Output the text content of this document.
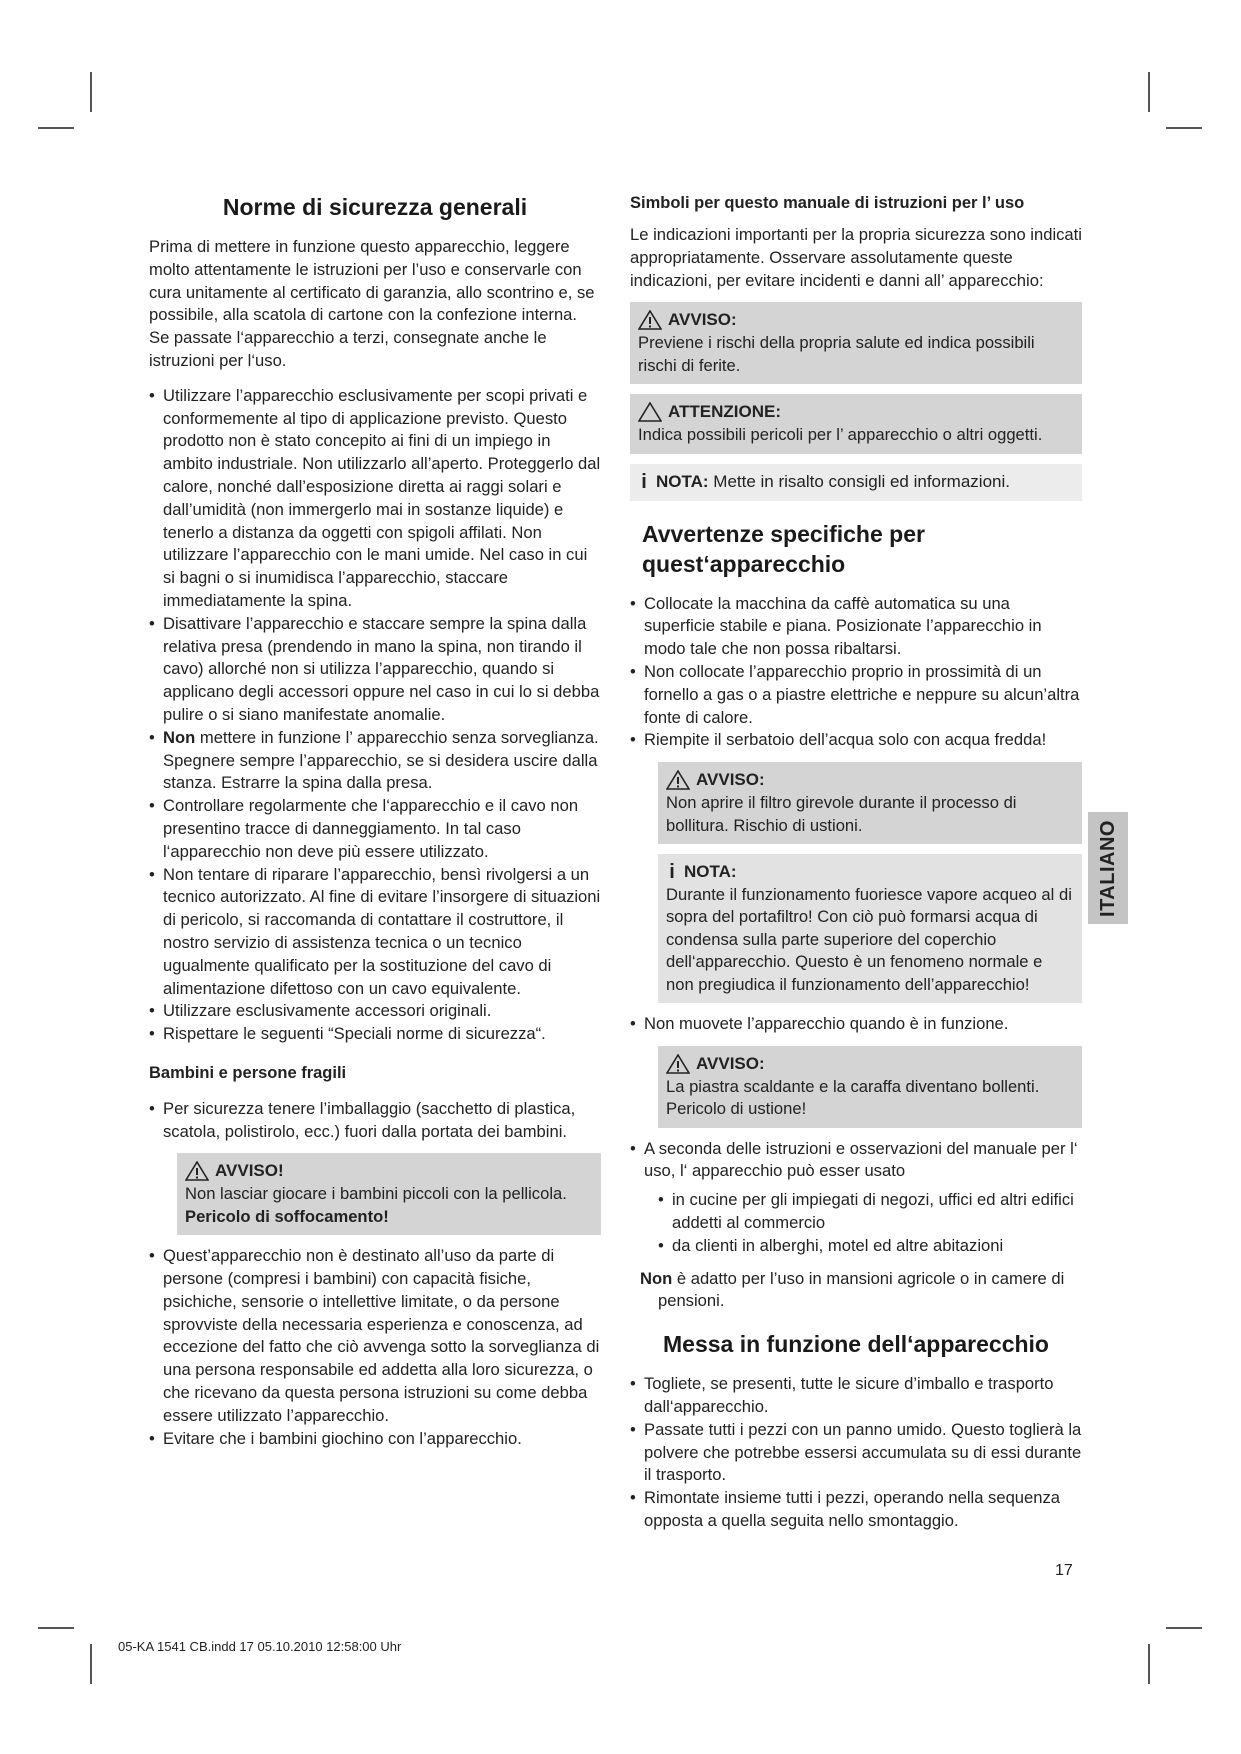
Norme di sicurezza generali

Prima di mettere in funzione questo apparecchio, leggere molto attentamente le istruzioni per l’uso e conservarle con cura unitamente al certificato di garanzia, allo scontrino e, se possibile, alla scatola di cartone con la confezione interna. Se passate l‘apparecchio a terzi, consegnate anche le istruzioni per l‘uso.

• Utilizzare l’apparecchio esclusivamente per scopi privati e conformemente al tipo di applicazione previsto. Questo prodotto non è stato concepito ai fini di un impiego in ambito industriale. Non utilizzarlo all’aperto. Proteggerlo dal calore, nonché dall’esposizione diretta ai raggi solari e dall’umidità (non immergerlo mai in sostanze liquide) e tenerlo a distanza da oggetti con spigoli affilati. Non utilizzare l’apparecchio con le mani umide. Nel caso in cui si bagni o si inumidisca l’apparecchio, staccare immediatamente la spina.
• Disattivare l’apparecchio e staccare sempre la spina dalla relativa presa (prendendo in mano la spina, non tirando il cavo) allorché non si utilizza l’apparecchio, quando si applicano degli accessori oppure nel caso in cui lo si debba pulire o si siano manifestate anomalie.
• Non mettere in funzione l’ apparecchio senza sorveglianza. Spegnere sempre l’apparecchio, se si desidera uscire dalla stanza. Estrarre la spina dalla presa.
• Controllare regolarmente che l‘apparecchio e il cavo non presentino tracce di danneggiamento. In tal caso l‘apparecchio non deve più essere utilizzato.
• Non tentare di riparare l’apparecchio, bensì rivolgersi a un tecnico autorizzato. Al fine di evitare l’insorgere di situazioni di pericolo, si raccomanda di contattare il costruttore, il nostro servizio di assistenza tecnica o un tecnico ugualmente qualificato per la sostituzione del cavo di alimentazione difettoso con un cavo equivalente.
• Utilizzare esclusivamente accessori originali.
• Rispettare le seguenti “Speciali norme di sicurezza“.
Bambini e persone fragili
• Per sicurezza tenere l’imballaggio (sacchetto di plastica, scatola, polistirolo, ecc.) fuori dalla portata dei bambini.
AVVISO!
Non lasciar giocare i bambini piccoli con la pellicola.
Pericolo di soffocamento!
• Quest’apparecchio non è destinato all’uso da parte di persone (compresi i bambini) con capacità fisiche, psichiche, sensorie o intellettive limitate, o da persone sprovviste della necessaria esperienza e conoscenza, ad eccezione del fatto che ciò avvenga sotto la sorveglianza di una persona responsabile ed addetta alla loro sicurezza, o che ricevano da questa persona istruzioni su come debba essere utilizzato l’apparecchio.
• Evitare che i bambini giochino con l’apparecchio.
Simboli per questo manuale di istruzioni per l’ uso

Le indicazioni importanti per la propria sicurezza sono indicati appropriatamente. Osservare assolutamente queste indicazioni, per evitare incidenti e danni all’ apparecchio:

AVVISO:
Previene i rischi della propria salute ed indica possibili rischi di ferite.
ATTENZIONE:
Indica possibili pericoli per l’ apparecchio o altri oggetti.
i NOTA: Mette in risalto consigli ed informazioni.
Avvertenze specifiche per quest‘apparecchio
• Collocate la macchina da caffè automatica su una superficie stabile e piana. Posizionate l’apparecchio in modo tale che non possa ribaltarsi.
• Non collocate l’apparecchio proprio in prossimità di un fornello a gas o a piastre elettriche e neppure su alcun’altra fonte di calore.
• Riempite il serbatoio dell’acqua solo con acqua fredda!
AVVISO:
Non aprire il filtro girevole durante il processo di bollitura. Rischio di ustioni.
i NOTA:
Durante il funzionamento fuoriesce vapore acqueo al di sopra del portafiltro! Con ciò può formarsi acqua di condensa sulla parte superiore del coperchio dell‘apparecchio. Questo è un fenomeno normale e non pregiudica il funzionamento dell’apparecchio!
• Non muovete l’apparecchio quando è in funzione.
AVVISO:
La piastra scaldante e la caraffa diventano bollenti. Pericolo di ustione!
• A seconda delle istruzioni e osservazioni del manuale per l‘ uso, l‘ apparecchio può esser usato
• in cucine per gli impiegati di negozi, uffici ed altri edifici addetti al commercio
• da clienti in alberghi, motel ed altre abitazioni

Non è adatto per l’uso in mansioni agricole o in camere di pensioni.

Messa in funzione dell‘apparecchio
• Togliete, se presenti, tutte le sicure d’imballo e trasporto dall‘apparecchio.
• Passate tutti i pezzi con un panno umido. Questo toglierà la polvere che potrebbe essersi accumulata su di essi durante il trasporto.
• Rimontate insieme tutti i pezzi, operando nella sequenza opposta a quella seguita nello smontaggio.
ITALIANO
17
05-KA 1541 CB.indd 17 05.10.2010 12:58:00 Uhr
